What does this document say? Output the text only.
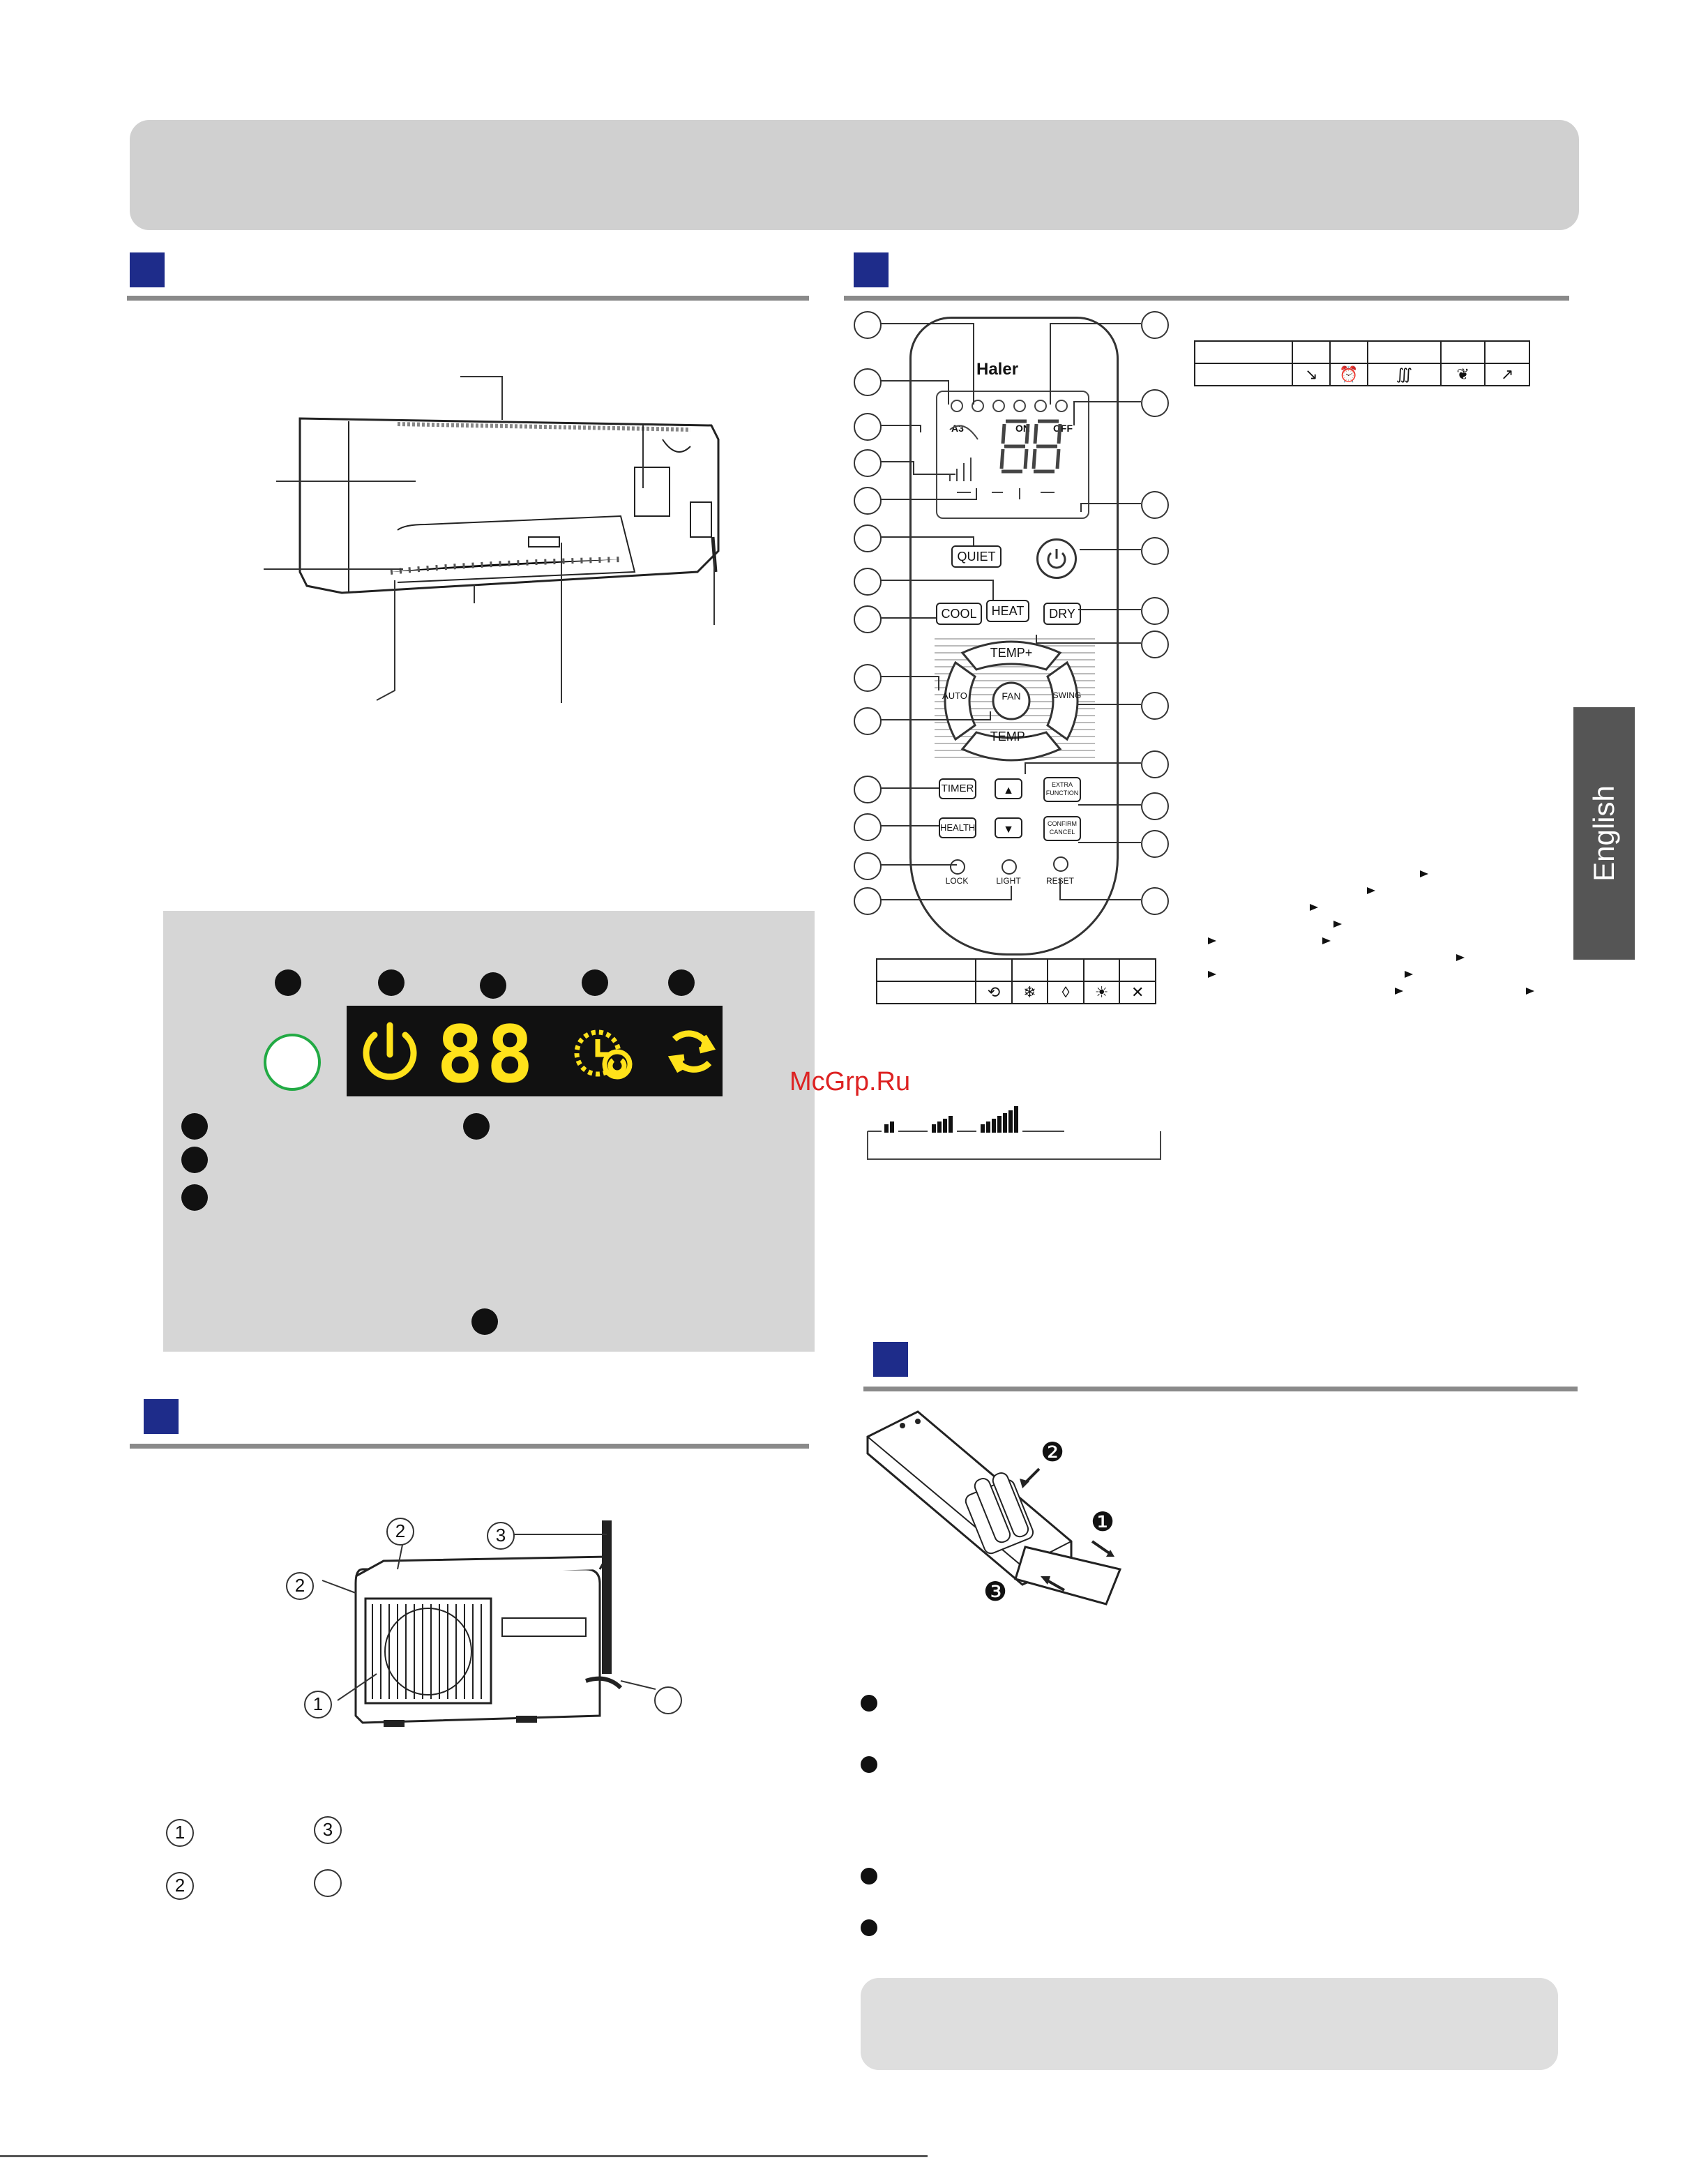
English
88
2
2
3
1
1	3
2
Haler
A3	ON OFF
QUIET
COOL	HEAT	DRY
TEMP+
TEMP−
AUTO	FAN	SWING
TIMER	▲	EXTRA
FUNCTION
HEALTH	▼	CONFIRM
CANCEL
LOCK	LIGHT	RESET

	↘	⏰	∭	❦	↗

	⟲	❄	◊	☀	✕
McGrp.Ru
❷
❶
❸
